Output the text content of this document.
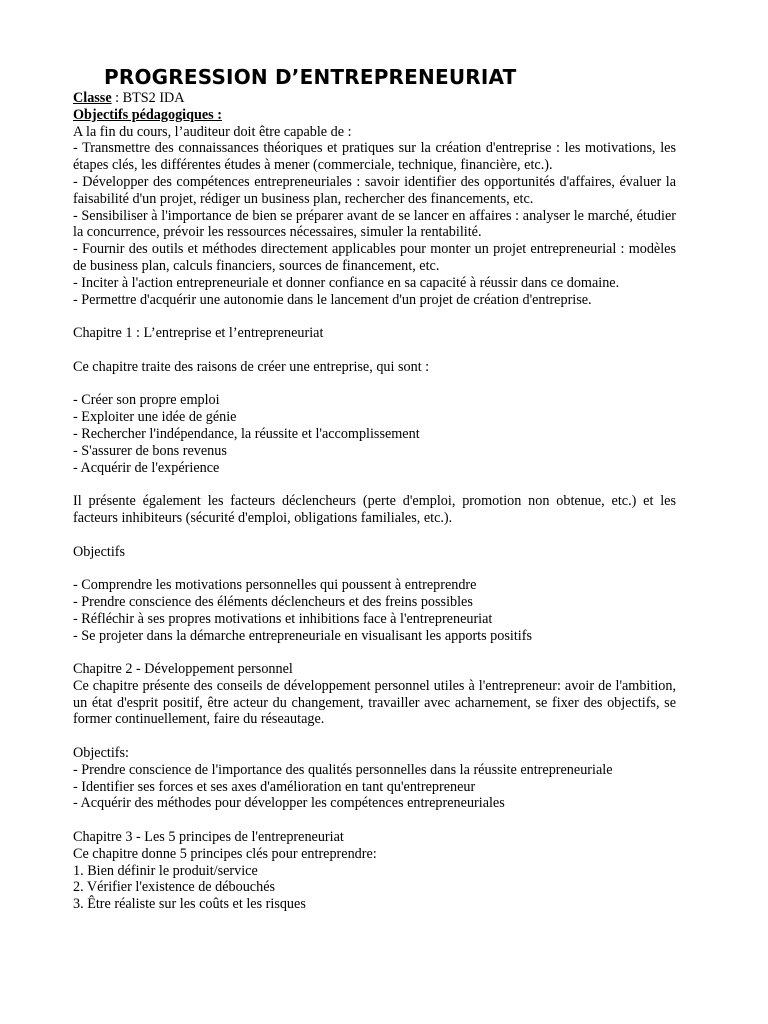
PROGRESSION D’ENTREPRENEURIAT

Classe : BTS2 IDA

Objectifs pédagogiques :

A la fin du cours, l’auditeur doit être capable de :

- Transmettre des connaissances théoriques et pratiques sur la création d'entreprise : les motivations, les étapes clés, les différentes études à mener (commerciale, technique, financière, etc.).

- Développer des compétences entrepreneuriales : savoir identifier des opportunités d'affaires, évaluer la faisabilité d'un projet, rédiger un business plan, rechercher des financements, etc.

- Sensibiliser à l'importance de bien se préparer avant de se lancer en affaires : analyser le marché, étudier la concurrence, prévoir les ressources nécessaires, simuler la rentabilité.

- Fournir des outils et méthodes directement applicables pour monter un projet entrepreneurial : modèles de business plan, calculs financiers, sources de financement, etc.

- Inciter à l'action entrepreneuriale et donner confiance en sa capacité à réussir dans ce domaine.

- Permettre d'acquérir une autonomie dans le lancement d'un projet de création d'entreprise.

Chapitre 1 : L’entreprise et l’entrepreneuriat

Ce chapitre traite des raisons de créer une entreprise, qui sont :

- Créer son propre emploi

- Exploiter une idée de génie

- Rechercher l'indépendance, la réussite et l'accomplissement

- S'assurer de bons revenus

- Acquérir de l'expérience

Il présente également les facteurs déclencheurs (perte d'emploi, promotion non obtenue, etc.) et les facteurs inhibiteurs (sécurité d'emploi, obligations familiales, etc.).

Objectifs

- Comprendre les motivations personnelles qui poussent à entreprendre

- Prendre conscience des éléments déclencheurs et des freins possibles

- Réfléchir à ses propres motivations et inhibitions face à l'entrepreneuriat

- Se projeter dans la démarche entrepreneuriale en visualisant les apports positifs

Chapitre 2 - Développement personnel

Ce chapitre présente des conseils de développement personnel utiles à l'entrepreneur: avoir de l'ambition, un état d'esprit positif, être acteur du changement, travailler avec acharnement, se fixer des objectifs, se former continuellement, faire du réseautage.

Objectifs:

- Prendre conscience de l'importance des qualités personnelles dans la réussite entrepreneuriale

- Identifier ses forces et ses axes d'amélioration en tant qu'entrepreneur

- Acquérir des méthodes pour développer les compétences entrepreneuriales

Chapitre 3 - Les 5 principes de l'entrepreneuriat

Ce chapitre donne 5 principes clés pour entreprendre:

1. Bien définir le produit/service

2. Vérifier l'existence de débouchés

3. Être réaliste sur les coûts et les risques
